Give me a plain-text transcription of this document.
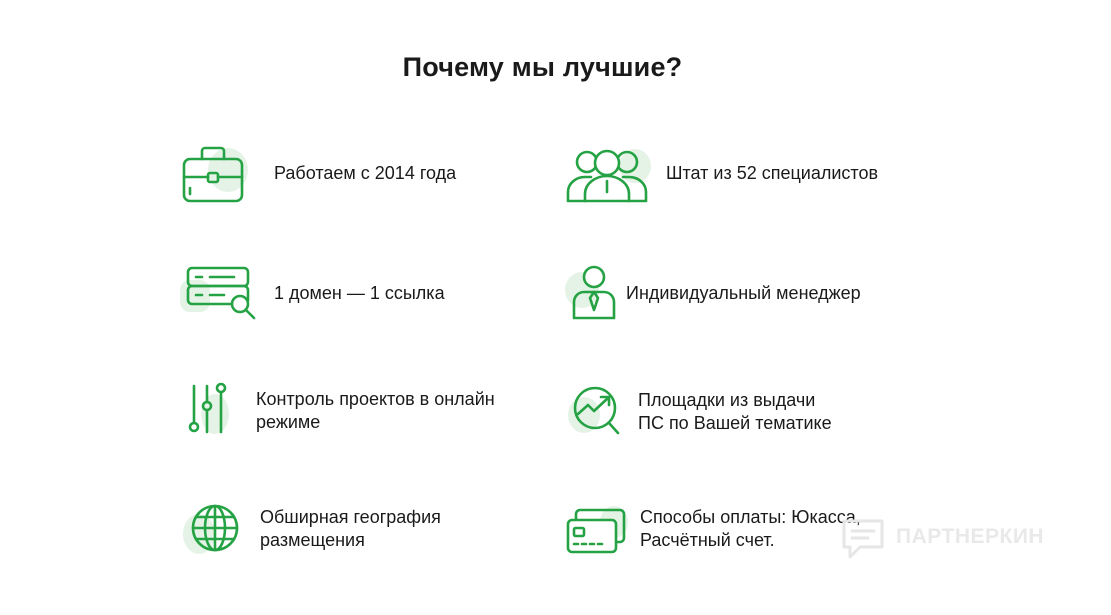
Почему мы лучшие?
Работаем с 2014 года	Штат из 52 специалистов
1 домен — 1 ссылка	Индивидуальный менеджер
Контроль проектов в онлайн
режиме
Площадки из выдачи
ПС по Вашей тематике
Обширная география
размещения
Способы оплаты: Юкасса,
Расчётный счет.	ПАРТНЕРКИН
